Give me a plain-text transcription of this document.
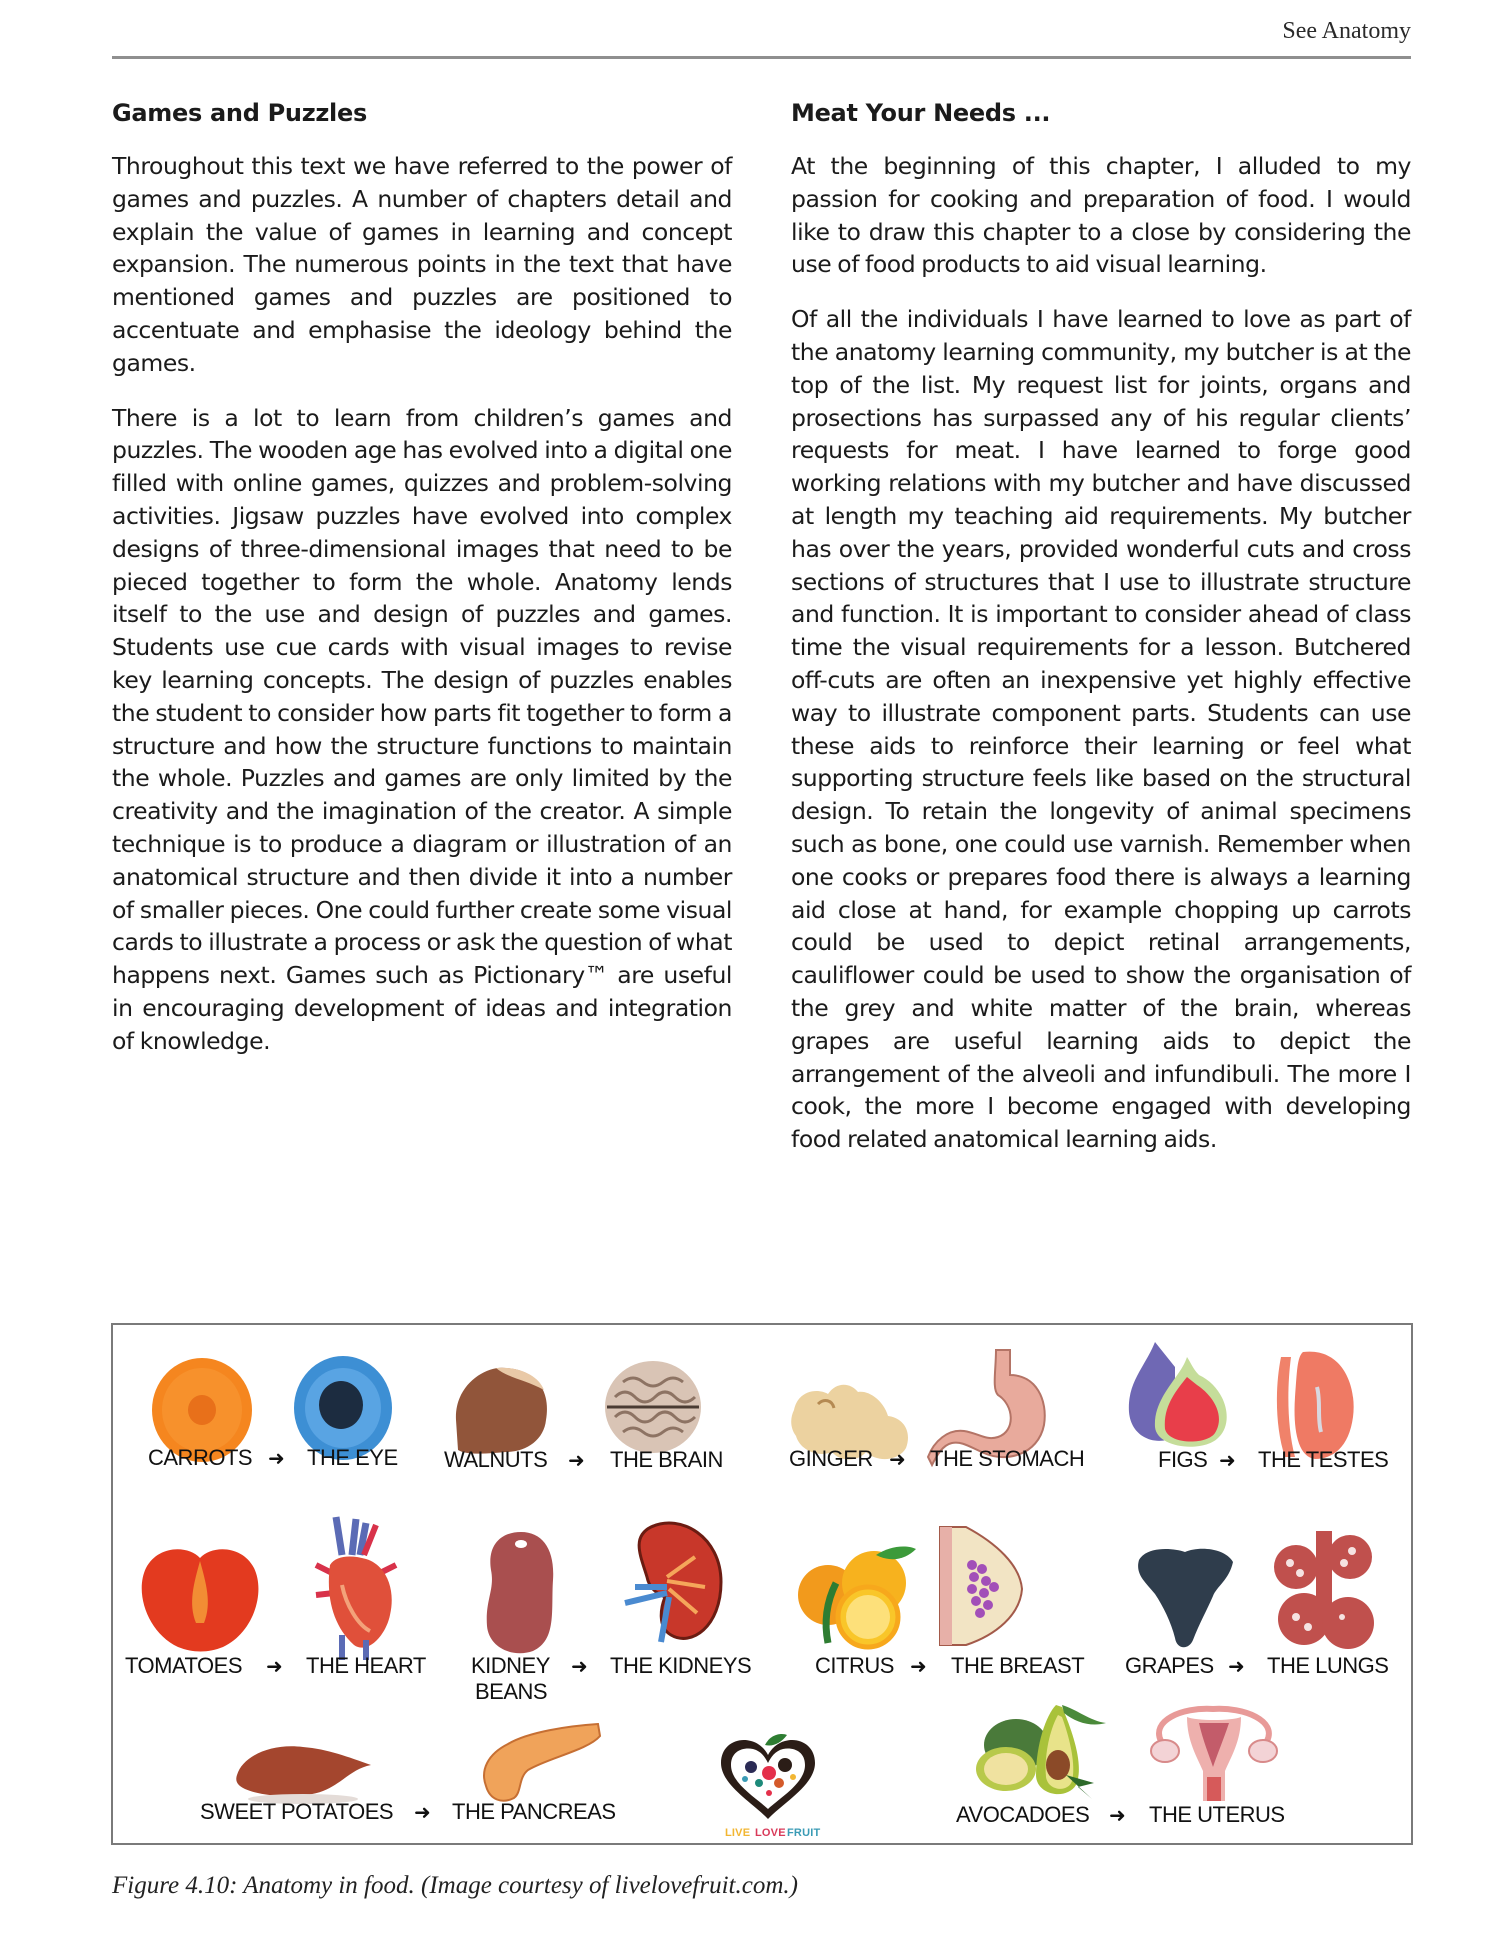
See Anatomy
Games and Puzzles

Throughout this text we have referred to the power of games and puzzles. A number of chapters detail and explain the value of games in learning and concept expansion. The numerous points in the text that have mentioned games and puzzles are positioned to accentuate and emphasise the ideology behind the games.

There is a lot to learn from children’s games and puzzles. The wooden age has evolved into a digital one filled with online games, quizzes and problem-solving activities. Jigsaw puzzles have evolved into complex designs of three-dimensional images that need to be pieced together to form the whole. Anatomy lends itself to the use and design of puzzles and games. Students use cue cards with visual images to revise key learning concepts. The design of puzzles enables the student to consider how parts fit together to form a structure and how the structure functions to maintain the whole. Puzzles and games are only limited by the creativity and the imagination of the creator. A simple technique is to produce a diagram or illustration of an anatomical structure and then divide it into a number of smaller pieces. One could further create some visual cards to illustrate a process or ask the question of what happens next. Games such as Pictionary™ are useful in encouraging development of ideas and integration of knowledge.

Meat Your Needs ...

At the beginning of this chapter, I alluded to my passion for cooking and preparation of food. I would like to draw this chapter to a close by considering the use of food products to aid visual learning.

Of all the individuals I have learned to love as part of the anatomy learning community, my butcher is at the top of the list. My request list for joints, organs and prosections has surpassed any of his regular clients’ requests for meat. I have learned to forge good working relations with my butcher and have discussed at length my teaching aid requirements. My butcher has over the years, provided wonderful cuts and cross sections of structures that I use to illustrate structure and function. It is important to consider ahead of class time the visual requirements for a lesson. Butchered off-cuts are often an inexpensive yet highly effective way to illustrate component parts. Students can use these aids to reinforce their learning or feel what supporting structure feels like based on the structural design. To retain the longevity of animal specimens such as bone, one could use varnish. Remember when one cooks or prepares food there is always a learning aid close at hand, for example chopping up carrots could be used to depict retinal arrangements, cauliflower could be used to show the organisation of the grey and white matter of the brain, whereas grapes are useful learning aids to depict the arrangement of the alveoli and infundibuli. The more I cook, the more I become engaged with developing food related anatomical learning aids.

CARROTS ➜ THE EYE WALNUTS ➜ THE BRAIN	GINGER ➜ THE STOMACH	FIGS ➜ THE TESTES
TOMATOES ➜ THE HEART KIDNEY
BEANS
➜ THE KIDNEYS	CITRUS ➜ THE BREAST GRAPES ➜ THE LUNGS
SWEET POTATOES ➜ THE PANCREAS
LIVE LOVE FRUIT
AVOCADOES ➜ THE UTERUS
Figure 4.10: Anatomy in food. (Image courtesy of livelovefruit.com.)
